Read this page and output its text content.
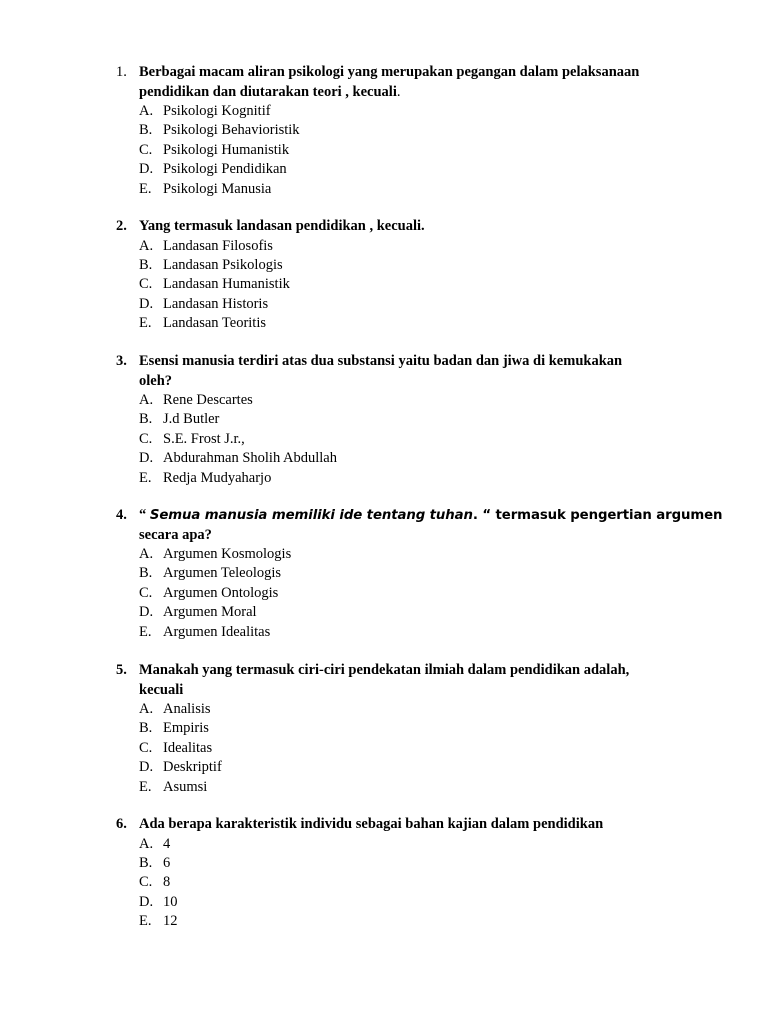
1. Berbagai macam aliran psikologi yang merupakan pegangan dalam pelaksanaan
pendidikan dan diutarakan teori , kecuali.
A. Psikologi Kognitif
B. Psikologi Behavioristik
C. Psikologi Humanistik
D. Psikologi Pendidikan
E. Psikologi Manusia
2. Yang termasuk landasan pendidikan , kecuali.
A. Landasan Filosofis
B. Landasan Psikologis
C. Landasan Humanistik
D. Landasan Historis
E. Landasan Teoritis
3. Esensi manusia terdiri atas dua substansi yaitu badan dan jiwa di kemukakan
oleh?
A. Rene Descartes
B. J.d Butler
C. S.E. Frost J.r.,
D. Abdurahman Sholih Abdullah
E. Redja Mudyaharjo
4. “ Semua manusia memiliki ide tentang tuhan. “ termasuk pengertian argumen
secara apa?
A. Argumen Kosmologis
B. Argumen Teleologis
C. Argumen Ontologis
D. Argumen Moral
E. Argumen Idealitas
5. Manakah yang termasuk ciri-ciri pendekatan ilmiah dalam pendidikan adalah,
kecuali
A. Analisis
B. Empiris
C. Idealitas
D. Deskriptif
E. Asumsi
6. Ada berapa karakteristik individu sebagai bahan kajian dalam pendidikan
A. 4
B. 6
C. 8
D. 10
E. 12
